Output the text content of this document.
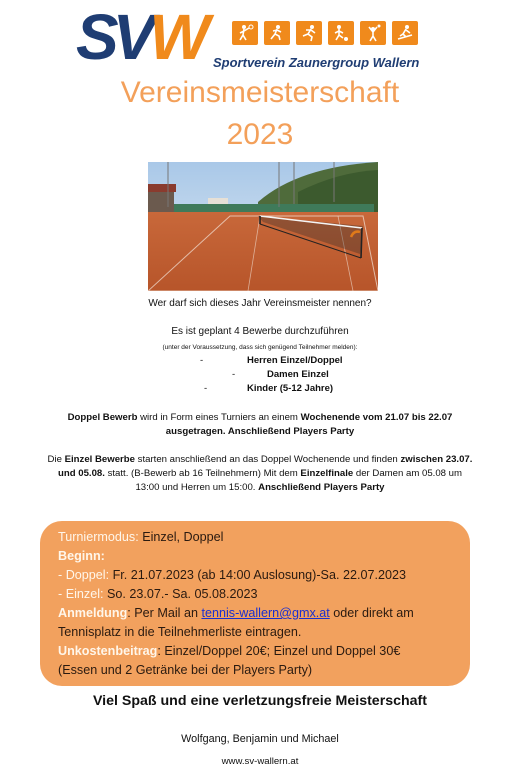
SVW Sportverein Zaunergroup Wallern
Vereinsmeisterschaft
2023
Wer darf sich dieses Jahr Vereinsmeister nennen?
Es ist geplant 4 Bewerbe durchzuführen
(unter der Voraussetzung, dass sich genügend Teilnehmer melden):
-	Herren Einzel/Doppel
-	Damen Einzel
-	Kinder (5-12 Jahre)
Doppel Bewerb wird in Form eines Turniers an einem Wochenende vom 21.07 bis 22.07
ausgetragen. Anschließend Players Party
Die Einzel Bewerbe starten anschließend an das Doppel Wochenende und finden zwischen 23.07.
und 05.08. statt. (B-Bewerb ab 16 Teilnehmern) Mit dem Einzelfinale der Damen am 05.08 um
13:00 und Herren um 15:00. Anschließend Players Party
Turniermodus: Einzel, Doppel
Beginn:
- Doppel: Fr. 21.07.2023 (ab 14:00 Auslosung)-Sa. 22.07.2023
- Einzel: So. 23.07.- Sa. 05.08.2023
Anmeldung: Per Mail an tennis-wallern@gmx.at oder direkt am
Tennisplatz in die Teilnehmerliste eintragen.
Unkostenbeitrag: Einzel/Doppel 20€; Einzel und Doppel 30€
(Essen und 2 Getränke bei der Players Party)
Viel Spaß und eine verletzungsfreie Meisterschaft
Wolfgang, Benjamin und Michael
www.sv-wallern.at
